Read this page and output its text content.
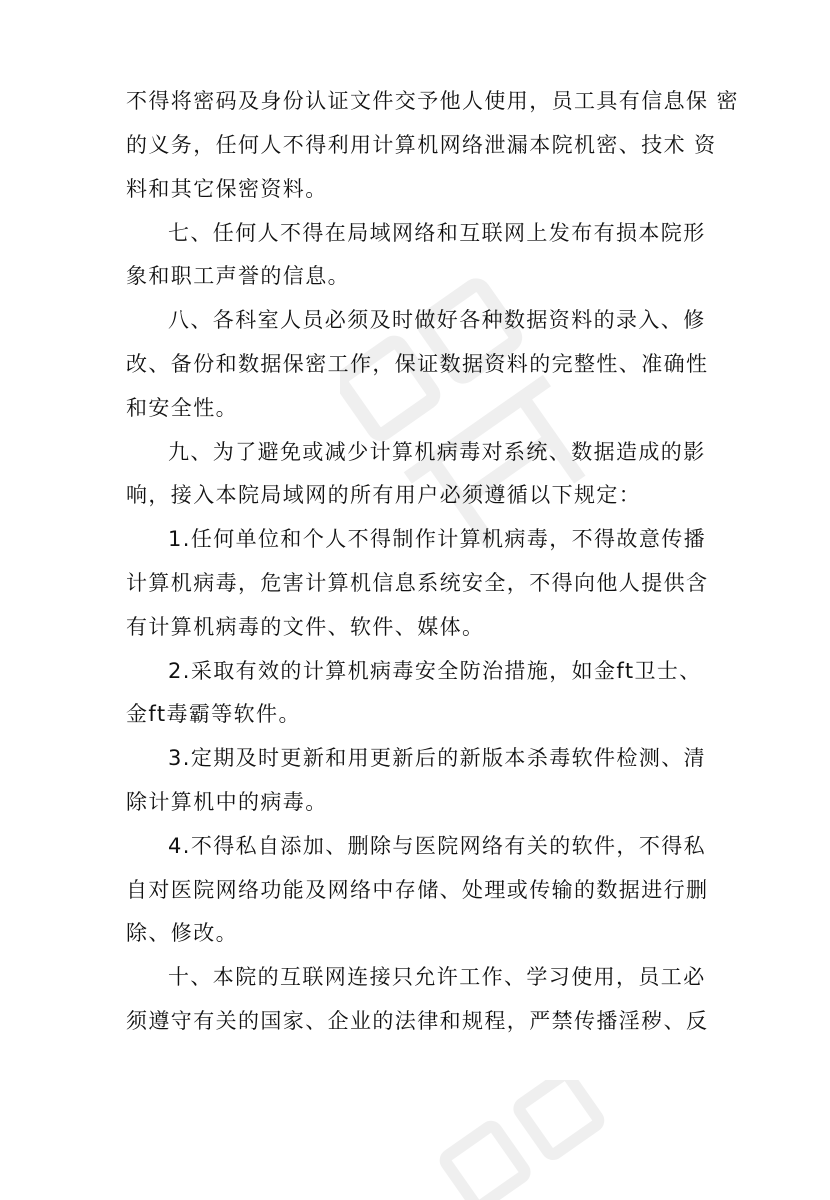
不得将密码及身份认证文件交予他人使用，员工具有信息保 密
的义务，任何人不得利用计算机网络泄漏本院机密、技术 资
料和其它保密资料。
七、任何人不得在局域网络和互联网上发布有损本院形
象和职工声誉的信息。
八、各科室人员必须及时做好各种数据资料的录入、修
改、备份和数据保密工作，保证数据资料的完整性、准确性
和安全性。
九、为了避免或减少计算机病毒对系统、数据造成的影
响，接入本院局域网的所有用户必须遵循以下规定：
1.任何单位和个人不得制作计算机病毒，不得故意传播
计算机病毒，危害计算机信息系统安全，不得向他人提供含
有计算机病毒的文件、软件、媒体。
2.采取有效的计算机病毒安全防治措施，如金ft卫士、
金ft毒霸等软件。
3.定期及时更新和用更新后的新版本杀毒软件检测、清
除计算机中的病毒。
4.不得私自添加、删除与医院网络有关的软件，不得私
自对医院网络功能及网络中存储、处理或传输的数据进行删
除、修改。
十、本院的互联网连接只允许工作、学习使用，员工必
须遵守有关的国家、企业的法律和规程，严禁传播淫秽、反
